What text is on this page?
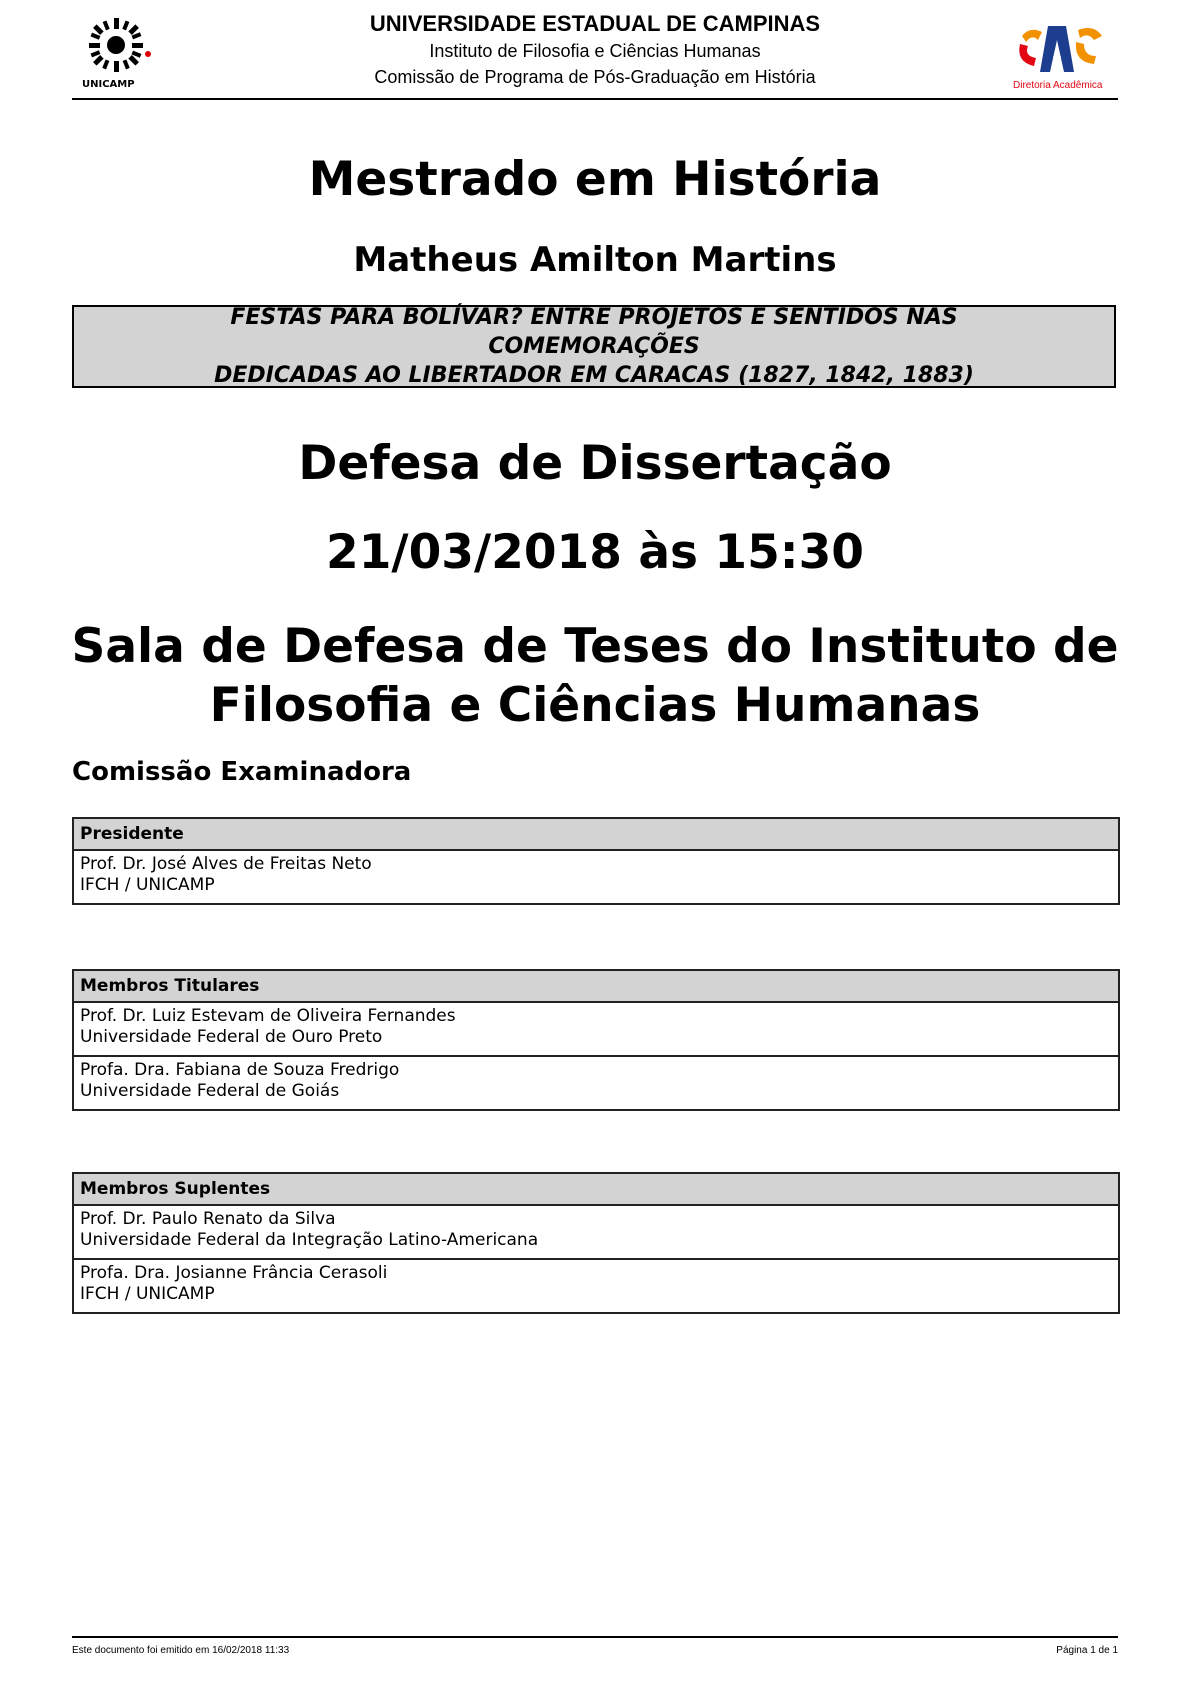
UNICAMP
UNIVERSIDADE ESTADUAL DE CAMPINAS
Instituto de Filosofia e Ciências Humanas
Comissão de Programa de Pós-Graduação em História	Diretoria Acadêmica
Mestrado em História
Matheus Amilton Martins
FESTAS PARA BOLÍVAR? ENTRE PROJETOS E SENTIDOS NAS COMEMORAÇÕES
DEDICADAS AO LIBERTADOR EM CARACAS (1827, 1842, 1883)
Defesa de Dissertação
21/03/2018 às 15:30
Sala de Defesa de Teses do Instituto de
Filosofia e Ciências Humanas
Comissão Examinadora
Presidente

Prof. Dr. José Alves de Freitas Neto
IFCH / UNICAMP
Membros Titulares

Prof. Dr. Luiz Estevam de Oliveira Fernandes
Universidade Federal de Ouro Preto

Profa. Dra. Fabiana de Souza Fredrigo
Universidade Federal de Goiás
Membros Suplentes

Prof. Dr. Paulo Renato da Silva
Universidade Federal da Integração Latino-Americana

Profa. Dra. Josianne Frância Cerasoli
IFCH / UNICAMP
Este documento foi emitido em 16/02/2018 11:33	Página 1 de 1
